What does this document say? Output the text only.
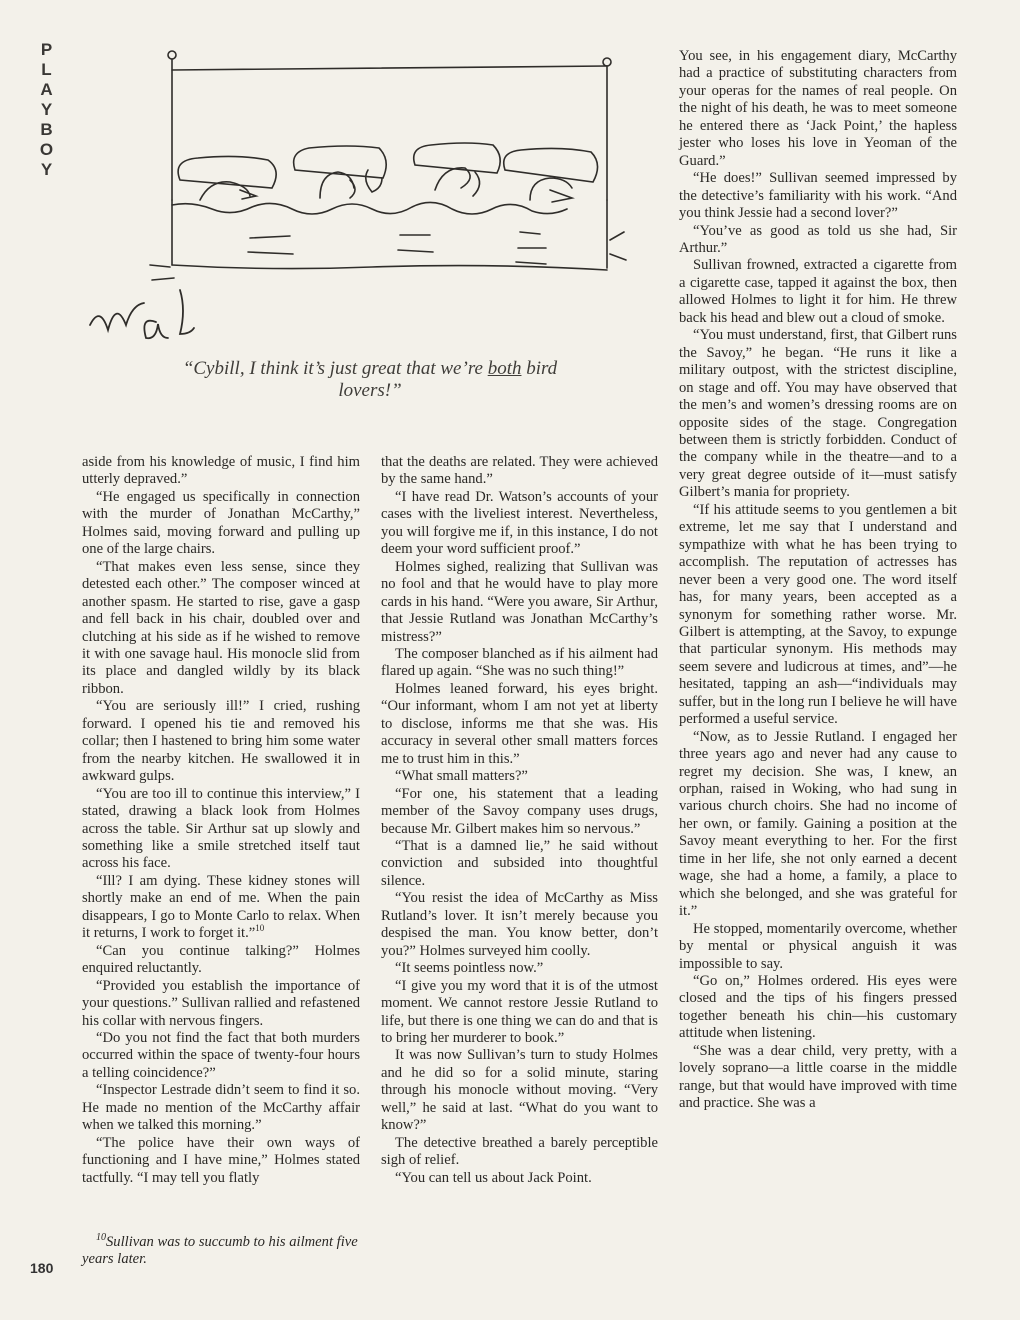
P
L
A
Y
B
O
Y
“Cybill, I think it’s just great that we’re both bird lovers!”

aside from his knowledge of music, I find him utterly depraved.”

“He engaged us specifically in connection with the murder of Jonathan McCarthy,” Holmes said, moving forward and pulling up one of the large chairs.

“That makes even less sense, since they detested each other.” The composer winced at another spasm. He started to rise, gave a gasp and fell back in his chair, doubled over and clutching at his side as if he wished to remove it with one savage haul. His monocle slid from its place and dangled wildly by its black ribbon.

“You are seriously ill!” I cried, rushing forward. I opened his tie and removed his collar; then I hastened to bring him some water from the nearby kitchen. He swallowed it in awkward gulps.

“You are too ill to continue this interview,” I stated, drawing a black look from Holmes across the table. Sir Arthur sat up slowly and something like a smile stretched itself taut across his face.

“Ill? I am dying. These kidney stones will shortly make an end of me. When the pain disappears, I go to Monte Carlo to relax. When it returns, I work to forget it.”$^{10}$

“Can you continue talking?” Holmes enquired reluctantly.

“Provided you establish the importance of your questions.” Sullivan rallied and refastened his collar with nervous fingers.

“Do you not find the fact that both murders occurred within the space of twenty-four hours a telling coincidence?”

“Inspector Lestrade didn’t seem to find it so. He made no mention of the McCarthy affair when we talked this morning.”

“The police have their own ways of functioning and I have mine,” Holmes stated tactfully. “I may tell you flatly

$^{10}$Sullivan was to succumb to his ailment five years later.
180

that the deaths are related. They were achieved by the same hand.”

“I have read Dr. Watson’s accounts of your cases with the liveliest interest. Nevertheless, you will forgive me if, in this instance, I do not deem your word sufficient proof.”

Holmes sighed, realizing that Sullivan was no fool and that he would have to play more cards in his hand. “Were you aware, Sir Arthur, that Jessie Rutland was Jonathan McCarthy’s mistress?”

The composer blanched as if his ailment had flared up again. “She was no such thing!”

Holmes leaned forward, his eyes bright. “Our informant, whom I am not yet at liberty to disclose, informs me that she was. His accuracy in several other small matters forces me to trust him in this.”

“What small matters?”

“For one, his statement that a leading member of the Savoy company uses drugs, because Mr. Gilbert makes him so nervous.”

“That is a damned lie,” he said without conviction and subsided into thoughtful silence.

“You resist the idea of McCarthy as Miss Rutland’s lover. It isn’t merely because you despised the man. You know better, don’t you?” Holmes surveyed him coolly.

“It seems pointless now.”

“I give you my word that it is of the utmost moment. We cannot restore Jessie Rutland to life, but there is one thing we can do and that is to bring her murderer to book.”

It was now Sullivan’s turn to study Holmes and he did so for a solid minute, staring through his monocle without moving. “Very well,” he said at last. “What do you want to know?”

The detective breathed a barely perceptible sigh of relief.

“You can tell us about Jack Point.

You see, in his engagement diary, McCarthy had a practice of substituting characters from your operas for the names of real people. On the night of his death, he was to meet someone he entered there as ‘Jack Point,’ the hapless jester who loses his love in Yeoman of the Guard.”

“He does!” Sullivan seemed impressed by the detective’s familiarity with his work. “And you think Jessie had a second lover?”

“You’ve as good as told us she had, Sir Arthur.”

Sullivan frowned, extracted a cigarette from a cigarette case, tapped it against the box, then allowed Holmes to light it for him. He threw back his head and blew out a cloud of smoke.

“You must understand, first, that Gilbert runs the Savoy,” he began. “He runs it like a military outpost, with the strictest discipline, on stage and off. You may have observed that the men’s and women’s dressing rooms are on opposite sides of the stage. Congregation between them is strictly forbidden. Conduct of the company while in the theatre—and to a very great degree outside of it—must satisfy Gilbert’s mania for propriety.

“If his attitude seems to you gentlemen a bit extreme, let me say that I understand and sympathize with what he has been trying to accomplish. The reputation of actresses has never been a very good one. The word itself has, for many years, been accepted as a synonym for something rather worse. Mr. Gilbert is attempting, at the Savoy, to expunge that particular synonym. His methods may seem severe and ludicrous at times, and”—he hesitated, tapping an ash—“individuals may suffer, but in the long run I believe he will have performed a useful service.

“Now, as to Jessie Rutland. I engaged her three years ago and never had any cause to regret my decision. She was, I knew, an orphan, raised in Woking, who had sung in various church choirs. She had no income of her own, or family. Gaining a position at the Savoy meant everything to her. For the first time in her life, she not only earned a decent wage, she had a home, a family, a place to which she belonged, and she was grateful for it.”

He stopped, momentarily overcome, whether by mental or physical anguish it was impossible to say.

“Go on,” Holmes ordered. His eyes were closed and the tips of his fingers pressed together beneath his chin—his customary attitude when listening.

“She was a dear child, very pretty, with a lovely soprano—a little coarse in the middle range, but that would have improved with time and practice. She was a
